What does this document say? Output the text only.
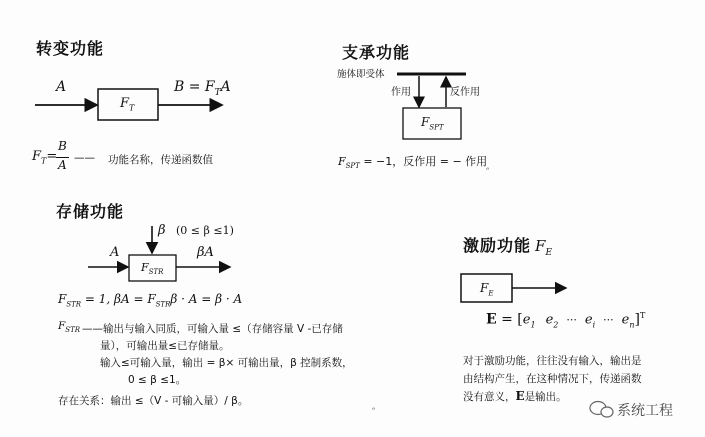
转变功能
A	$B = F_TA$
$F_T$
$F_T=$
B
A —— 功能名称，传递函数值
支承功能
施体即受体
作用	反作用
$F_{SPT}$
$F_{SPT} = -1$，反作用 = − 作用
ₑ
存储功能
β (0 ≤ β ≤1)
A	βA
$F_{STR}$
$F_{STR} = 1$, $\beta A = F_{STR}\beta \cdot A = \beta \cdot A$
$F_{STR}$ ——输出与输入同质，可输入量 ≤（存储容量 V -已存储
量），可输出量≤已存储量。
输入≤可输入量，输出 = β× 可输出量，β 控制系数，
0 ≤ β ≤1。
存在关系：输出 ≤（V - 可输入量）/ β。
ₑ
激励功能 $F_E$
$F_E$
$E = [e_1$ $e_2$ ··· $e_i$ ··· $e_n]^T$
对于激励功能，往往没有输入，输出是
由结构产生，在这种情况下，传递函数
没有意义，E是输出。
系统工程
